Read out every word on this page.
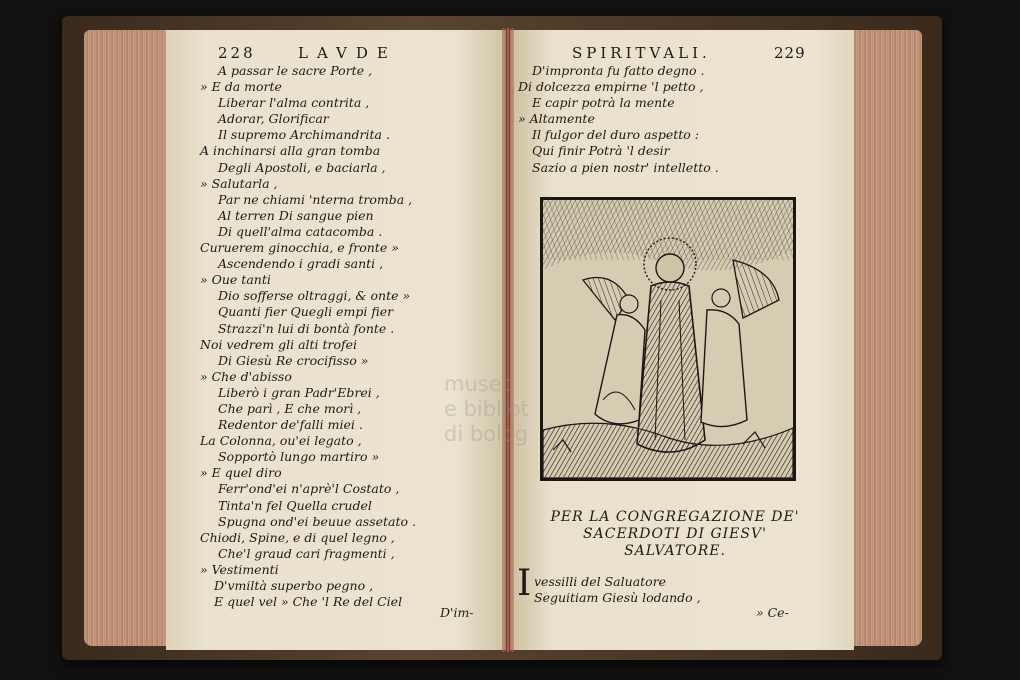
228	LAVDE
A passar le sacre Porte ,
» E da morte
Liberar l'alma contrita ,
Adorar, Glorificar
Il supremo Archimandrita .
A inchinarsi alla gran tomba
Degli Apostoli, e baciarla ,
» Salutarla ,
Par ne chiami 'nterna tromba ,
Al terren Di sangue pien
Di quell'alma catacomba .
Curuerem ginocchia, e fronte »
Ascendendo i gradi santi ,
» Oue tanti
Dio sofferse oltraggi, & onte »
Quanti fier Quegli empi fier
Strazzi'n lui di bontà fonte .
Noi vedrem gli alti trofei
Di Giesù Re crocifisso »
» Che d'abisso
Liberò i gran Padr'Ebrei ,
Che parì , E che morì ,
Redentor de'falli miei .
La Colonna, ou'ei legato ,
Sopportò lungo martiro »
» E quel diro
Ferr'ond'ei n'aprè'l Costato ,
Tinta'n fel Quella crudel
Spugna ond'ei beuue assetato .
Chiodi, Spine, e di quel legno ,
Che'l graud cari fragmenti ,
» Vestimenti
D'vmiltà superbo pegno ,
E quel vel » Che 'l Re del Ciel
D'im-
SPIRITVALI.	229
D'impronta fu fatto degno .
Di dolcezza empirne 'l petto ,
E capir potrà la mente
» Altamente
Il fulgor del duro aspetto :
Qui finir Potrà 'l desir
Sazio a pien nostr' intelletto .

PER LA CONGREGAZIONE DE'

SACERDOTI DI GIESV'

SALVATORE.

I vessilli del Saluatore
Seguitiam Giesù lodando ,
» Ce-
museo
e bibliot
di bolog
